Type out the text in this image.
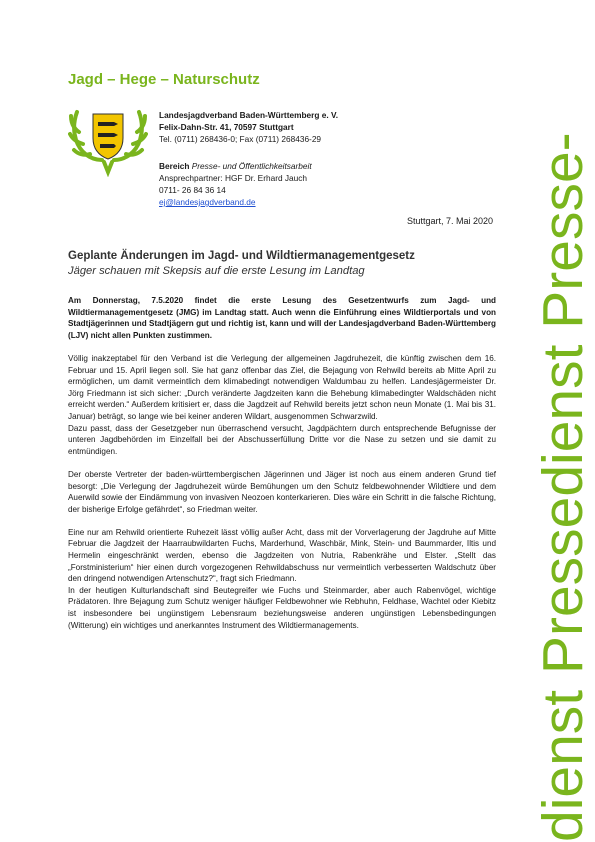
Jagd – Hege – Naturschutz
Landesjagdverband Baden-Württemberg e. V.
Felix-Dahn-Str. 41, 70597 Stuttgart
Tel. (0711) 268436-0; Fax (0711) 268436-29
Bereich Presse- und Öffentlichkeitsarbeit
Ansprechpartner: HGF Dr. Erhard Jauch
0711- 26 84 36 14
ej@landesjagdverband.de
Stuttgart, 7. Mai 2020
Geplante Änderungen im Jagd- und Wildtiermanagementgesetz
Jäger schauen mit Skepsis auf die erste Lesung im Landtag

Am Donnerstag, 7.5.2020 findet die erste Lesung des Gesetzentwurfs zum Jagd- und Wildtiermanagementgesetz (JMG) im Landtag statt. Auch wenn die Einführung eines Wildtierportals und von Stadtjägerinnen und Stadtjägern gut und richtig ist, kann und will der Landesjagdverband Baden-Württemberg (LJV) nicht allen Punkten zustimmen.

Völlig inakzeptabel für den Verband ist die Verlegung der allgemeinen Jagdruhezeit, die künftig zwischen dem 16. Februar und 15. April liegen soll. Sie hat ganz offenbar das Ziel, die Bejagung von Rehwild bereits ab Mitte April zu ermöglichen, um damit vermeintlich dem klimabedingt notwendigen Waldumbau zu helfen. Landesjägermeister Dr. Jörg Friedmann ist sich sicher: „Durch veränderte Jagdzeiten kann die Behebung klimabedingter Waldschäden nicht erreicht werden.“ Außerdem kritisiert er, dass die Jagdzeit auf Rehwild bereits jetzt schon neun Monate (1. Mai bis 31. Januar) beträgt, so lange wie bei keiner anderen Wildart, ausgenommen Schwarzwild.

Dazu passt, dass der Gesetzgeber nun überraschend versucht, Jagdpächtern durch entsprechende Befugnisse der unteren Jagdbehörden im Einzelfall bei der Abschusserfüllung Dritte vor die Nase zu setzen und sie damit zu entmündigen.

Der oberste Vertreter der baden-württembergischen Jägerinnen und Jäger ist noch aus einem anderen Grund tief besorgt: „Die Verlegung der Jagdruhezeit würde Bemühungen um den Schutz feldbewohnender Wildtiere und dem Auerwild sowie der Eindämmung von invasiven Neozoen konterkarieren. Dies wäre ein Schritt in die falsche Richtung, der bisherige Erfolge gefährdet“, so Friedman weiter.

Eine nur am Rehwild orientierte Ruhezeit lässt völlig außer Acht, dass mit der Vorverlagerung der Jagdruhe auf Mitte Februar die Jagdzeit der Haarraubwildarten Fuchs, Marderhund, Waschbär, Mink, Stein- und Baummarder, Iltis und Hermelin eingeschränkt werden, ebenso die Jagdzeiten von Nutria, Rabenkrähe und Elster. „Stellt das „Forstministerium“ hier einen durch vorgezogenen Rehwildabschuss nur vermeintlich verbesserten Waldschutz über den dringend notwendigen Artenschutz?“, fragt sich Friedmann.

In der heutigen Kulturlandschaft sind Beutegreifer wie Fuchs und Steinmarder, aber auch Rabenvögel, wichtige Prädatoren. Ihre Bejagung zum Schutz weniger häufiger Feldbewohner wie Rebhuhn, Feldhase, Wachtel oder Kiebitz ist insbesondere bei ungünstigem Lebensraum beziehungsweise anderen ungünstigen Lebensbedingungen (Witterung) ein wichtiges und anerkanntes Instrument des Wildtiermanagements.	dienst Pressedienst Presse-
